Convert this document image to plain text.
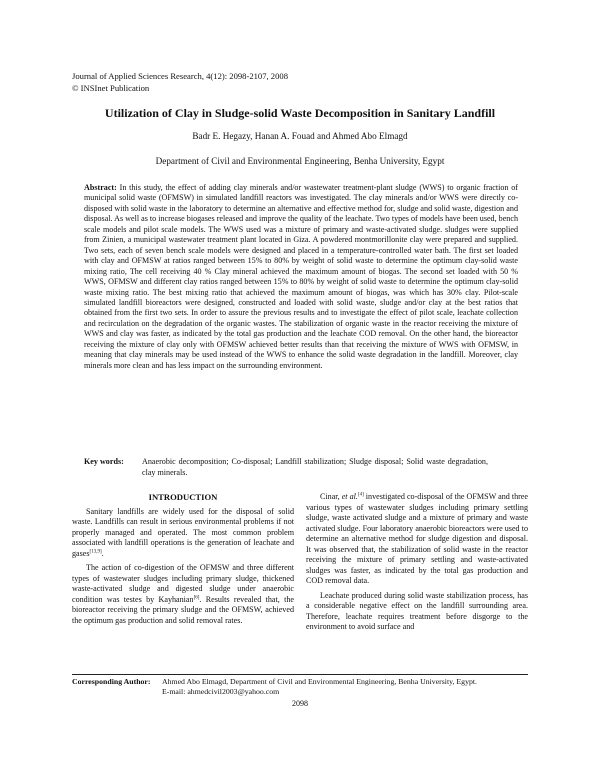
Journal of Applied Sciences Research, 4(12): 2098-2107, 2008
© INSInet Publication
Utilization of Clay in Sludge-solid Waste Decomposition in Sanitary Landfill
Badr E. Hegazy, Hanan A. Fouad and Ahmed Abo Elmagd
Department of Civil and Environmental Engineering, Benha University, Egypt

Abstract: In this study, the effect of adding clay minerals and/or wastewater treatment-plant sludge (WWS) to organic fraction of municipal solid waste (OFMSW) in simulated landfill reactors was investigated. The clay minerals and/or WWS were directly co-disposed with solid waste in the laboratory to determine an alternative and effective method for, sludge and solid waste, digestion and disposal. As well as to increase biogases released and improve the quality of the leachate. Two types of models have been used, bench scale models and pilot scale models. The WWS used was a mixture of primary and waste-activated sludge. sludges were supplied from Zinien, a municipal wastewater treatment plant located in Giza. A powdered montmorillonite clay were prepared and supplied. Two sets, each of seven bench scale models were designed and placed in a temperature-controlled water bath. The first set loaded with clay and OFMSW at ratios ranged between 15% to 80% by weight of solid waste to determine the optimum clay-solid waste mixing ratio, The cell receiving 40 % Clay mineral achieved the maximum amount of biogas. The second set loaded with 50 % WWS, OFMSW and different clay ratios ranged between 15% to 80% by weight of solid waste to determine the optimum clay-solid waste mixing ratio. The best mixing ratio that achieved the maximum amount of biogas, was which has 30% clay. Pilot-scale simulated landfill bioreactors were designed, constructed and loaded with solid waste, sludge and/or clay at the best ratios that obtained from the first two sets. In order to assure the previous results and to investigate the effect of pilot scale, leachate collection and recirculation on the degradation of the organic wastes. The stabilization of organic waste in the reactor receiving the mixture of WWS and clay was faster, as indicated by the total gas production and the leachate COD removal. On the other hand, the bioreactor receiving the mixture of clay only with OFMSW achieved better results than that receiving the mixture of WWS with OFMSW, in meaning that clay minerals may be used instead of the WWS to enhance the solid waste degradation in the landfill. Moreover, clay minerals more clean and has less impact on the surrounding environment.

Key words:	Anaerobic decomposition; Co-disposal; Landfill stabilization; Sludge disposal; Solid waste degradation, clay minerals.

INTRODUCTION

Sanitary landfills are widely used for the disposal of solid waste. Landfills can result in serious environmental problems if not properly managed and operated. The most common problem associated with landfill operations is the generation of leachate and gases[13,9].

The action of co-digestion of the OFMSW and three different types of wastewater sludges including primary sludge, thickened waste-activated sludge and digested sludge under anaerobic condition was testes by Kayhanian[6]. Results revealed that, the bioreactor receiving the primary sludge and the OFMSW, achieved the optimum gas production and solid removal rates.

Cinar, et al.[4] investigated co-disposal of the OFMSW and three various types of wastewater sludges including primary settling sludge, waste activated sludge and a mixture of primary and waste activated sludge. Four laboratory anaerobic bioreactors were used to determine an alternative method for sludge digestion and disposal. It was observed that, the stabilization of solid waste in the reactor receiving the mixture of primary settling and waste-activated sludges was faster, as indicated by the total gas production and COD removal data.

Leachate produced during solid waste stabilization process, has a considerable negative effect on the landfill surrounding area. Therefore, leachate requires treatment before disgorge to the environment to avoid surface and

Corresponding Author: Ahmed Abo Elmagd, Department of Civil and Environmental Engineering, Benha University, Egypt.
E-mail: ahmedcivil2003@yahoo.com
2098
